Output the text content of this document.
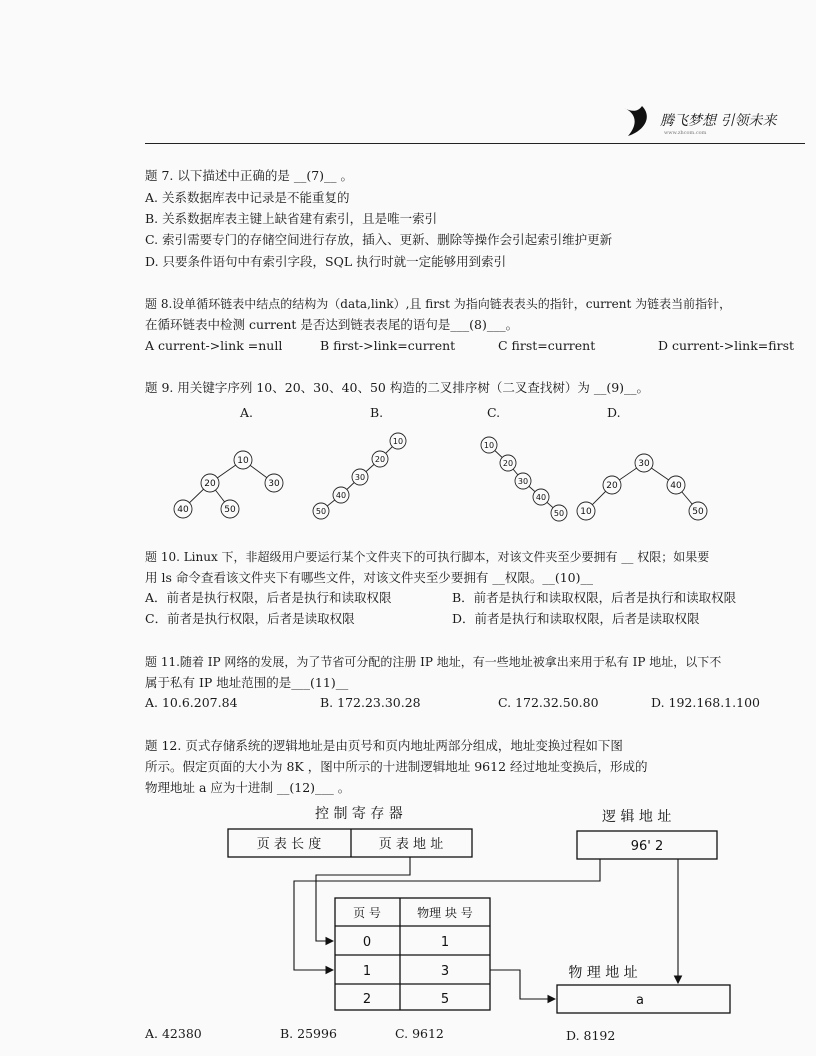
腾飞梦想 引领未来
www.zhcom.com
题 7. 以下描述中正确的是 __(7)__ 。
A. 关系数据库表中记录是不能重复的
B. 关系数据库表主键上缺省建有索引，且是唯一索引
C. 索引需要专门的存储空间进行存放，插入、更新、删除等操作会引起索引维护更新
D. 只要条件语句中有索引字段，SQL 执行时就一定能够用到索引
题 8.设单循环链表中结点的结构为（data,link）,且 first 为指向链表表头的指针，current 为链表当前指针，
在循环链表中检测 current 是否达到链表表尾的语句是___(8)___。
A current->link =null	B first->link=current	C first=current	D current->link=first
题 9. 用关键字序列 10、20、30、40、50 构造的二叉排序树（二叉查找树）为 __(9)__。
A.	B.	C.	D.
10
20	30
40	50
10
20
30
40
50
10
20
30
40
50
30
20	40
10	50
题 10. Linux 下，非超级用户要运行某个文件夹下的可执行脚本，对该文件夹至少要拥有 __ 权限；如果要
用 ls 命令查看该文件夹下有哪些文件，对该文件夹至少要拥有 __权限。__(10)__
A．前者是执行权限，后者是执行和读取权限	B．前者是执行和读取权限，后者是执行和读取权限
C．前者是执行权限，后者是读取权限	D．前者是执行和读取权限，后者是读取权限
题 11.随着 IP 网络的发展，为了节省可分配的注册 IP 地址，有一些地址被拿出来用于私有 IP 地址，以下不
属于私有 IP 地址范围的是___(11)__
A. 10.6.207.84	B. 172.23.30.28	C. 172.32.50.80	D. 192.168.1.100
题 12. 页式存储系统的逻辑地址是由页号和页内地址两部分组成，地址变换过程如下图
所示。假定页面的大小为 8K ，图中所示的十进制逻辑地址 9612 经过地址变换后，形成的
物理地址 a 应为十进制 __(12)___ 。
控 制 寄 存 器	逻 辑 地 址
页 表 长 度	页 表 地 址	96' 2
页 号	物理 块 号
0	1
1	3
2	5
物 理 地 址
a
A. 42380	B. 25996	C. 9612	D. 8192
